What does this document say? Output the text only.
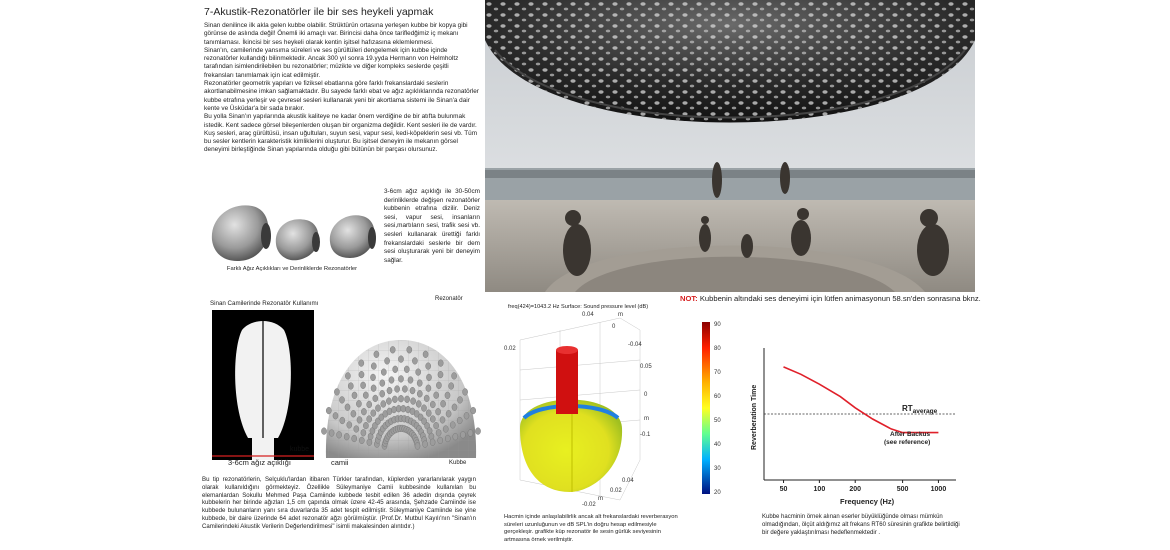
7-Akustik-Rezonatörler ile bir ses heykeli yapmak

Sinan denilince ilk akla gelen kubbe olabilir. Strüktürün ortasına yerleşen kubbe bir kopya gibi görünse de aslında değil! Önemli iki amaçlı var. Birincisi daha önce tarifledğimiz iç mekanı tanımlaması. İkincisi bir ses heykeli olarak kentin işitsel hafızasına eklemlenmesi.

Sinan'ın, camilerinde yansıma süreleri ve ses gürültüleri dengelemek için kubbe içinde rezonatörler kullandığı bilinmektedir. Ancak 300 yıl sonra 19.yyda Hermann von Helmholtz tarafından isimlendirilebilen bu rezonatörler; müzikte ve diğer kompleks seslerde çeşitli frekansları tanımlamak için icat edilmiştir.

Rezonatörler geometrik yapıları ve fiziksel ebatlarına göre farklı frekanslardaki seslerin akortlanabilmesine imkan sağlamaktadır. Bu sayede farklı ebat ve ağız açıklıklarında rezonatörler kubbe etrafına yerleşir ve çevresel sesleri kullanarak yeni bir akortlama sistemi ile Sinan'a dair kente ve Üsküdar'a bir sada bırakır.

Bu yolla Sinan'ın yapılarında akustik kaliteye ne kadar önem verdiğine de bir atıfta bulunmak istedik. Kent sadece görsel bileşenlerden oluşan bir organizma değildir. Kent sesleri ile de vardır. Kuş sesleri, araç gürültüsü, insan uğultuları, suyun sesi, vapur sesi, kedi-köpeklerin sesi vb. Tüm bu sesler kentlerin karakteristik kimliklerini oluşturur. Bu işitsel deneyim ile mekanın görsel deneyimi birleştiğinde Sinan yapılarında olduğu gibi bütünün bir parçası olursunuz.

Farklı Ağız Açıklıkları ve Derinliklerde Rezonatörler
3-6cm ağız açıklığı ile 30-50cm derinliklerde değişen rezonatörler kubbenin etrafına dizilir. Deniz sesi, vapur sesi, insanların sesi,martıların sesi, trafik sesi vb. sesleri kullanarak ürettiği farklı frekanslardaki seslerle bir dem sesi oluşturarak yeni bir deneyim sağlar.
NOT: Kubbenin altındaki ses deneyimi için lütfen animasyonun 58.sn'den sonrasına bknz.
Sinan Camilerinde Rezonatör Kullanımı
kubbe
3-6cm ağız açıklığı	camii
Rezonatör
Kubbe
Bu tip rezonatörlerin, Selçuklu'lardan itibaren Türkler tarafından, küplerden yararlanılarak yaygın olarak kullanıldığını görmekteyiz. Özellikle Süleymaniye Camii kubbesinde kullanılan bu elemanlardan Sokullu Mehmed Paşa Camiinde kubbede tesbit edilen 36 adedin dışında çeyrek kubbelerin her birinde ağızları 1,5 cm çapında olmak üzere 42-45 arasında, Şehzade Camiinde ise kubbede bulunanların yanı sıra duvarlarda 35 adet tespit edilmiştir. Süleymaniye Camiinde ise yine kubbede, bir daire üzerinde 64 adet rezonatör ağzı görülmüştür. (Prof.Dr. Mutbul Kayılı'nın "Sinan'ın Camilerindeki Akustik Verilerin Değerlendirilmesi" isimli makalesinden alıntıdır.)
freq(424)=1043.2 Hz Surface: Sound pressure level (dB)
90
80
70
60
50
40
30
20
0.04
0
-0.04
m
0.05
0
m
-0.1
0.04
0.02
m
-0.02
0.02
Hacmin içinde anlaşılabilirlik ancak alt frekanslardaki reverberasyon süreleri uzunluğunun ve dB SPL'in doğru hesap edilmesiyle gerçekleşir. grafikte küp rezonatör ile sesin gürlük seviyesinin artmasına örnek verilmiştir.
Reverberation Time
Frequency (Hz)
50	100	200	500	1000
$RT_{average}$
After Backus
(see reference)
Kubbe hacminin örnek alınan eserler büyüklüğünde olması mümkün olmadığından, ölçüt aldığımız alt frekans RT60 süresinin grafikte belirtildiği bir değere yaklaştırılması hedeflenmektedir .
